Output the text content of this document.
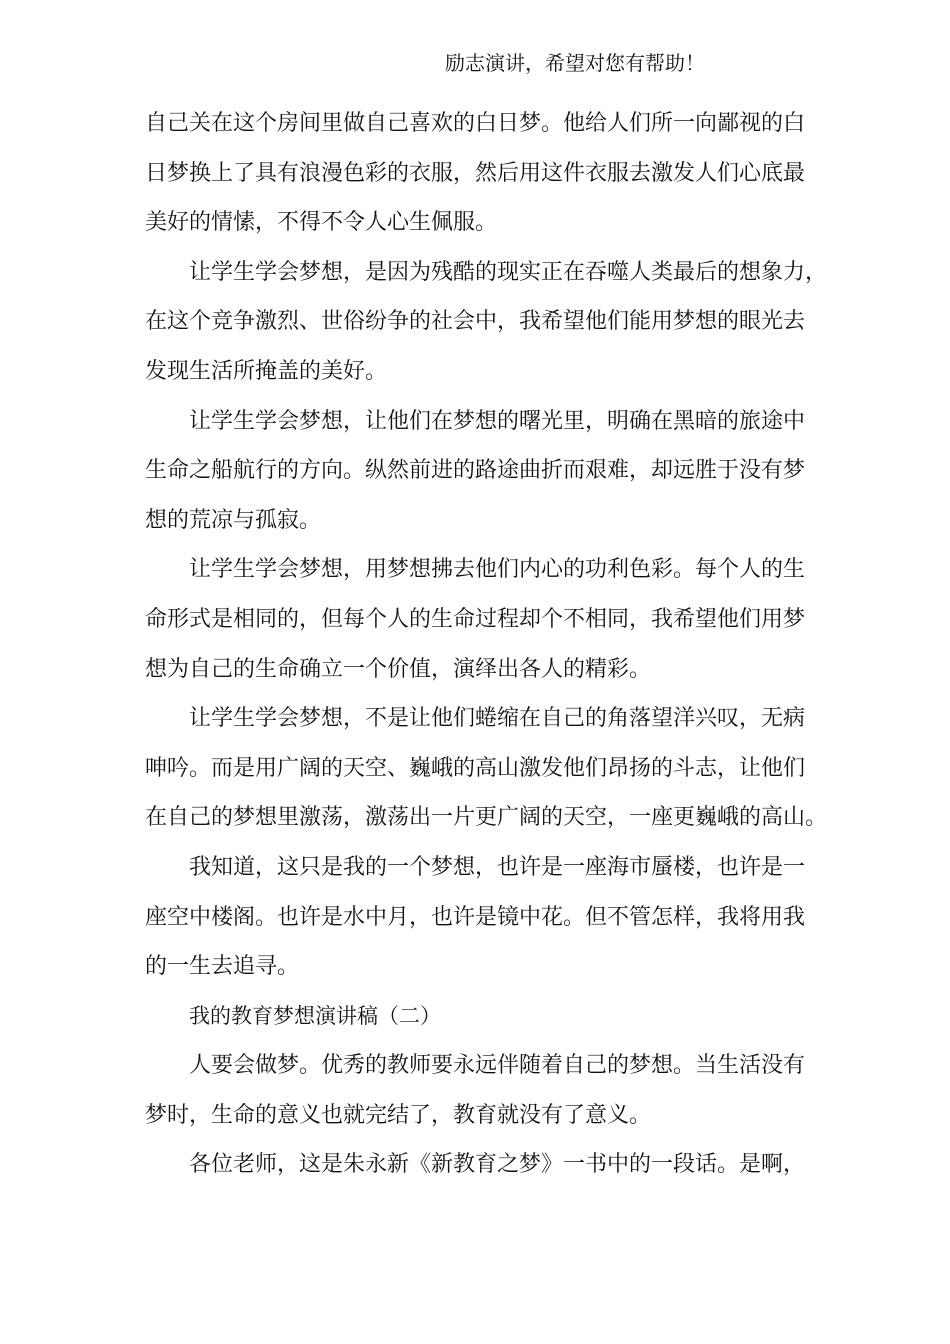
励志演讲，希望对您有帮助！
自己关在这个房间里做自己喜欢的白日梦。他给人们所一向鄙视的白
日梦换上了具有浪漫色彩的衣服，然后用这件衣服去激发人们心底最
美好的情愫，不得不令人心生佩服。
让学生学会梦想，是因为残酷的现实正在吞噬人类最后的想象力，
在这个竞争激烈、世俗纷争的社会中，我希望他们能用梦想的眼光去
发现生活所掩盖的美好。
让学生学会梦想，让他们在梦想的曙光里，明确在黑暗的旅途中
生命之船航行的方向。纵然前进的路途曲折而艰难，却远胜于没有梦
想的荒凉与孤寂。
让学生学会梦想，用梦想拂去他们内心的功利色彩。每个人的生
命形式是相同的，但每个人的生命过程却个不相同，我希望他们用梦
想为自己的生命确立一个价值，演绎出各人的精彩。
让学生学会梦想，不是让他们蜷缩在自己的角落望洋兴叹，无病
呻吟。而是用广阔的天空、巍峨的高山激发他们昂扬的斗志，让他们
在自己的梦想里激荡，激荡出一片更广阔的天空，一座更巍峨的高山。
我知道，这只是我的一个梦想，也许是一座海市蜃楼，也许是一
座空中楼阁。也许是水中月，也许是镜中花。但不管怎样，我将用我
的一生去追寻。
我的教育梦想演讲稿（二）
人要会做梦。优秀的教师要永远伴随着自己的梦想。当生活没有
梦时，生命的意义也就完结了，教育就没有了意义。
各位老师，这是朱永新《新教育之梦》一书中的一段话。是啊，
